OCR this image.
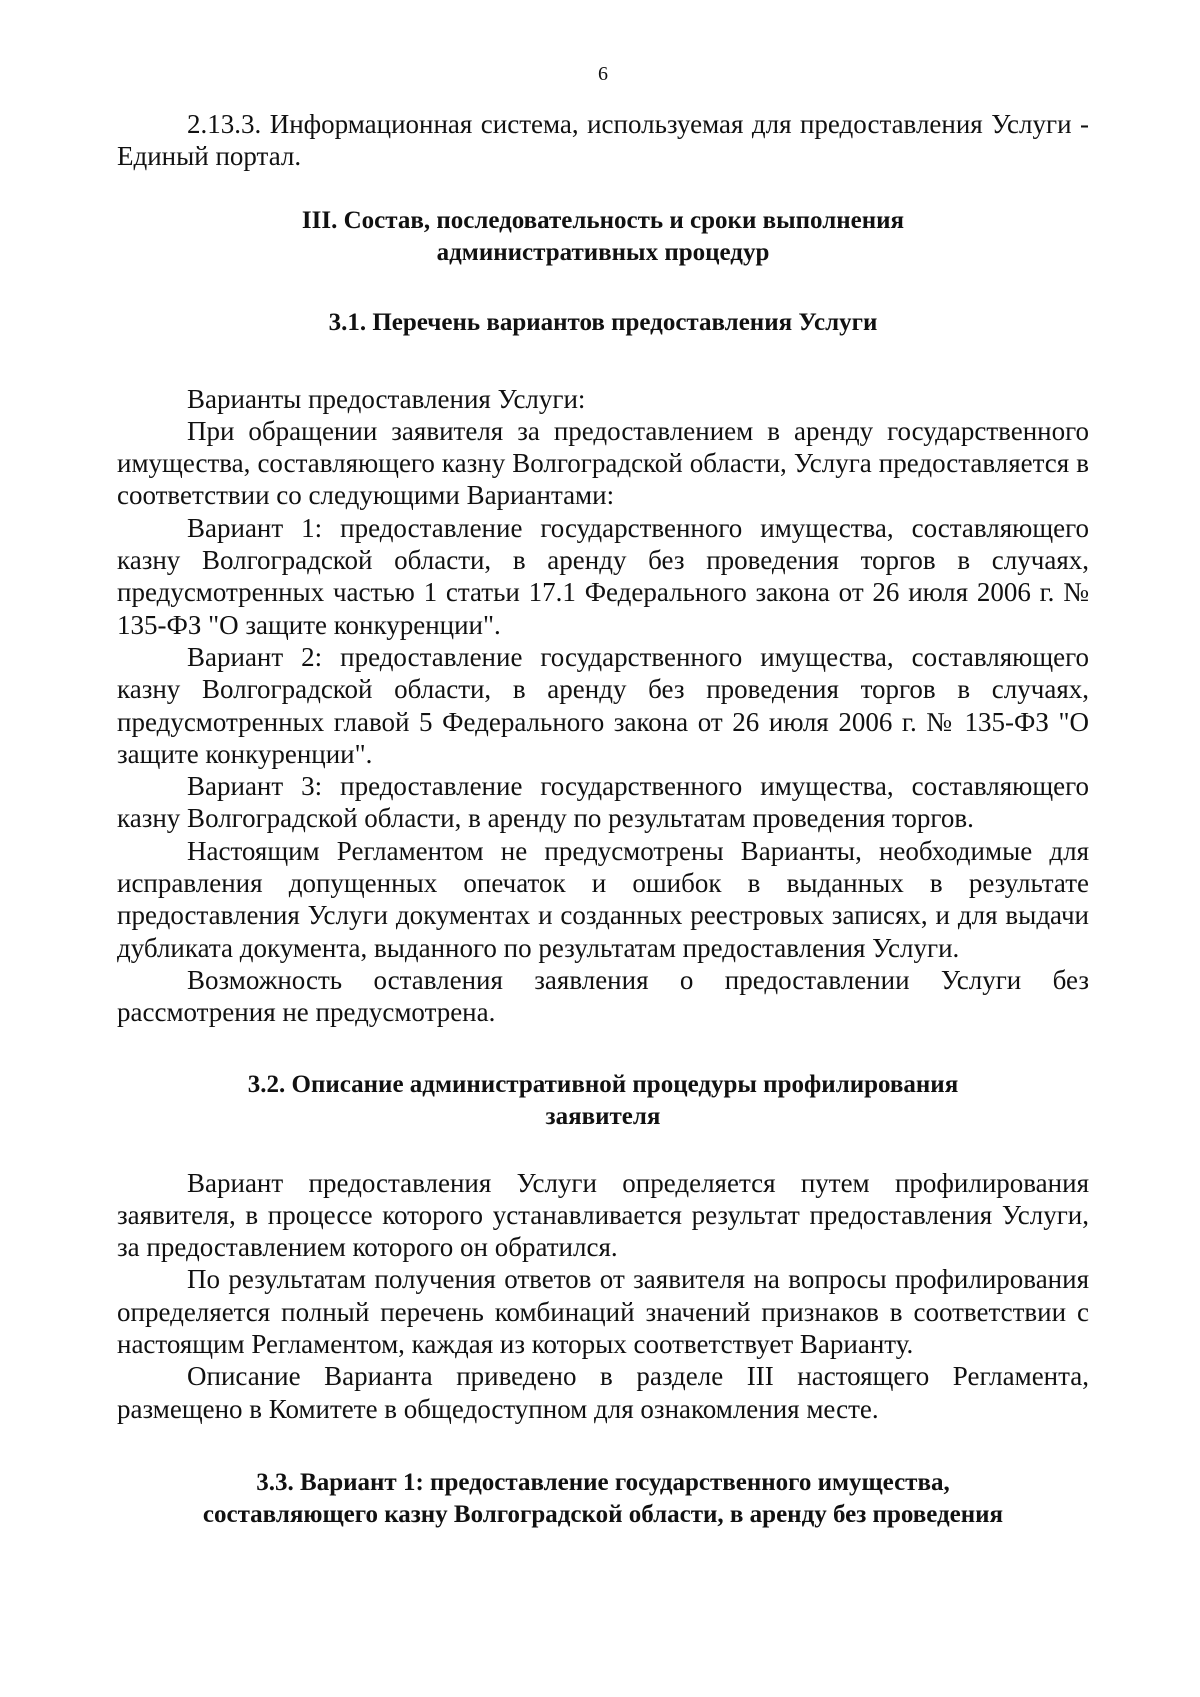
6

2.13.3. Информационная система, используемая для предоставления Услуги - Единый портал.

III. Состав, последовательность и сроки выполнения
административных процедур
3.1. Перечень вариантов предоставления Услуги

Варианты предоставления Услуги:

При обращении заявителя за предоставлением в аренду государственного имущества, составляющего казну Волгоградской области, Услуга предоставляется в соответствии со следующими Вариантами:

Вариант 1: предоставление государственного имущества, составляющего казну Волгоградской области, в аренду без проведения торгов в случаях, предусмотренных частью 1 статьи 17.1 Федерального закона от 26 июля 2006 г. № 135-ФЗ "О защите конкуренции".

Вариант 2: предоставление государственного имущества, составляющего казну Волгоградской области, в аренду без проведения торгов в случаях, предусмотренных главой 5 Федерального закона от 26 июля 2006 г. № 135-ФЗ "О защите конкуренции".

Вариант 3: предоставление государственного имущества, составляющего казну Волгоградской области, в аренду по результатам проведения торгов.

Настоящим Регламентом не предусмотрены Варианты, необходимые для исправления допущенных опечаток и ошибок в выданных в результате предоставления Услуги документах и созданных реестровых записях, и для выдачи дубликата документа, выданного по результатам предоставления Услуги.

Возможность оставления заявления о предоставлении Услуги без рассмотрения не предусмотрена.

3.2. Описание административной процедуры профилирования
заявителя

Вариант предоставления Услуги определяется путем профилирования заявителя, в процессе которого устанавливается результат предоставления Услуги, за предоставлением которого он обратился.

По результатам получения ответов от заявителя на вопросы профилирования определяется полный перечень комбинаций значений признаков в соответствии с настоящим Регламентом, каждая из которых соответствует Варианту.

Описание Варианта приведено в разделе III настоящего Регламента, размещено в Комитете в общедоступном для ознакомления месте.

3.3. Вариант 1: предоставление государственного имущества,
составляющего казну Волгоградской области, в аренду без проведения
